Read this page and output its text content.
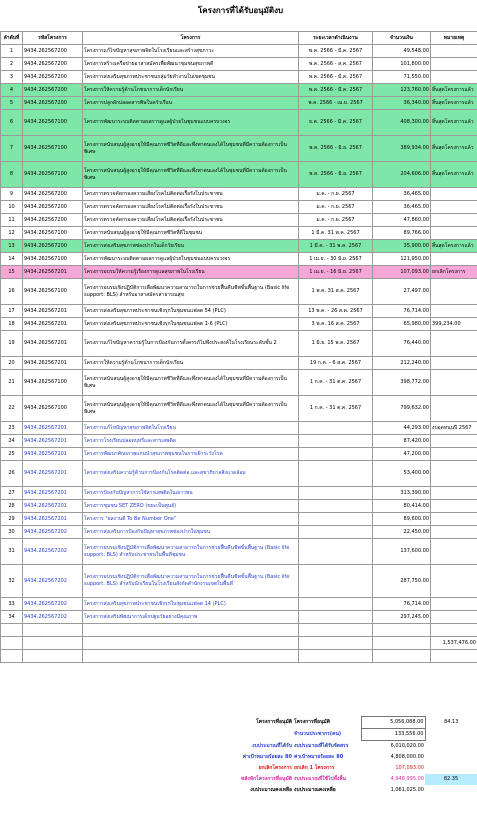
โครงการที่ได้รับอนุมัติงบ
ลำดับที่	รหัสโครงการ	โครงการ	ระยะเวลาดำเนินงาน	จำนวนเงิน	หมายเหตุ
1	9434.262567200	โครงการแก้ไขปัญหาสุขภาพจิตในโรงเรียนและสร้างสุขภาวะ	พ.ค. 2566 - มี.ค. 2567	49,548.00	
2	9434.262567200	โครงการสร้างเครือข่ายอาสาสมัครเพื่อพัฒนาชุมชนสุขภาพดี	พ.ค. 2566 - ส.ค. 2567	101,800.00	
3	9434.262567200	โครงการส่งเสริมสุขภาพประชาชนกลุ่มวัยทำงานในเขตชุมชน	พ.ค. 2566 - มี.ค. 2567	71,550.00	
4	9434.262567200	โครงการให้ความรู้ด้านโภชนาการเด็กนักเรียน	พ.ค. 2566 - มี.ค. 2567	123,760.00	สิ้นสุดโครงการแล้ว
5	9434.262567200	โครงการปลูกผักปลอดสารพิษในครัวเรือน	พ.ค. 2566 - เม.ย. 2567	36,340.00	สิ้นสุดโครงการแล้ว
6	9434.262567100	โครงการพัฒนาระบบติดตามผลการดูแลผู้ป่วยในชุมชนแบบครบวงจร	ธ.ค. 2566 - มี.ค. 2567	408,300.00	สิ้นสุดโครงการแล้ว
7	9434.262567100	โครงการสนับสนุนผู้สูงอายุให้มีคุณภาพชีวิตที่ดีและพึ่งพาตนเองได้ในชุมชนที่มีความต้องการเป็นพิเศษ	พ.ค. 2566 - มิ.ย. 2567	389,934.00	สิ้นสุดโครงการแล้ว
8	9434.262567100	โครงการสนับสนุนผู้สูงอายุให้มีคุณภาพชีวิตที่ดีและพึ่งพาตนเองได้ในชุมชนที่มีความต้องการเป็นพิเศษ	พ.ค. 2566 - มิ.ย. 2567	204,606.00	สิ้นสุดโครงการแล้ว
9	9434.262567200	โครงการตรวจคัดกรองความเสี่ยงโรคไม่ติดต่อเรื้อรังในประชาชน	ม.ค. - ก.ย. 2567	36,465.00	
10	9434.262567200	โครงการตรวจคัดกรองความเสี่ยงโรคไม่ติดต่อเรื้อรังในประชาชน	ม.ค. - ก.ย. 2567	36,465.00	
11	9434.262567200	โครงการตรวจคัดกรองความเสี่ยงโรคไม่ติดต่อเรื้อรังในประชาชน	ม.ค. - ก.ย. 2567	47,860.00	
12	9434.262567100	โครงการสนับสนุนผู้สูงอายุให้มีคุณภาพชีวิตที่ดีในชุมชน	1 มี.ค. 31 พ.ค. 2567	89,766.00	
13	9434.262567200	โครงการส่งเสริมสุขภาพช่องปากในเด็กวัยเรียน	1 มี.ค. - 31 พ.ค. 2567	35,900.00	สิ้นสุดโครงการแล้ว
14	9434.262567100	โครงการพัฒนาระบบติดตามผลการดูแลผู้ป่วยในชุมชนแบบครบวงจร	1 เม.ย. - 30 มิ.ย. 2567	121,950.00	
15	9434.262567201	โครงการอบรมให้ความรู้เรื่องการดูแลสุขภาพในโรงเรียน	1 เม.ย. - 16 มิ.ย. 2567	107,093.00	ยกเลิกโครงการ
16	9434.262567100	โครงการอบรมเชิงปฏิบัติการเพื่อพัฒนาความสามารถในการช่วยฟื้นคืนชีพขั้นพื้นฐาน (Basic life support: BLS) สำหรับอาสาสมัครสาธารณสุข	1 พ.ค. 31 ส.ค. 2567	27,497.00	
17	9434.262567201	โครงการส่งเสริมสุขภาพประชาชนเชิงรุกในชุมชนแฟลต 54 (PLC)	13 พ.ค. - 26 ส.ค. 2567	76,714.00	
18	9434.262567201	โครงการส่งเสริมสุขภาพประชาชนเชิงรุกในชุมชนแฟลต 1-6 (PLC)	3 พ.ค. 16 ส.ค. 2567	65,980.00	399,234.00
19	9434.262567201	โครงการแก้ไขปัญหาความรู้ในการป้องกันการตั้งครรภ์ไม่พึงประสงค์ในโรงเรียนระดับชั้น 2	1 มิ.ย. 15 พ.ค. 2567	76,440.00	
20	9434.262567201	โครงการให้ความรู้ด้านโภชนาการเด็กนักเรียน	19 ก.ค. - 6 ส.ค. 2567	212,240.00	
21	9434.262567100	โครงการสนับสนุนผู้สูงอายุให้มีคุณภาพชีวิตที่ดีและพึ่งพาตนเองได้ในชุมชนที่มีความต้องการเป็นพิเศษ	1 ก.ค. - 31 ต.ค. 2567	398,772.00	
22	9434.262567100	โครงการสนับสนุนผู้สูงอายุให้มีคุณภาพชีวิตที่ดีและพึ่งพาตนเองได้ในชุมชนที่มีความต้องการเป็นพิเศษ	1 ก.ค. - 31 ต.ค. 2567	799,632.00	
23	9434.262567201	โครงการแก้ไขปัญหาสุขภาพจิตในโรงเรียน		44,293.00	งบอุดหนุนปี 2567
24	9434.262567201	โครงการโรงเรียนปลอดบุหรี่และสารเสพติด		87,420.00	
25	9434.262567201	โครงการพัฒนาศักยภาพแกนนำสุขภาพชุมชนในการเฝ้าระวังโรค		47,200.00	
26	9434.262567201	โครงการส่งเสริมความรู้ด้านการป้องกันโรคติดต่อ และสุขาภิบาลสิ่งแวดล้อม		53,400.00	
27	9434.262567201	โครงการป้องกันปัญหาการใช้สารเสพติดในเยาวชน		313,390.00	
28	9434.262567201	โครงการชุมชน SET ZERO (ขยะเป็นศูนย์)		80,414.00	
29	9434.262567201	โครงการ "ผลงานดี To Be Number One"		89,600.00	
30	9434.262567202	โครงการส่งเสริมการป้องกันปัญหาสุขภาพช่องปากในชุมชน		22,450.00	
31	9434.262567202	โครงการอบรมเชิงปฏิบัติการเพื่อพัฒนาความสามารถในการช่วยฟื้นคืนชีพขั้นพื้นฐาน (Basic life support: BLS) สำหรับประชาชนในพื้นที่ชุมชน		137,600.00	
32	9434.262567202	โครงการอบรมเชิงปฏิบัติการเพื่อพัฒนาความสามารถในการช่วยฟื้นคืนชีพขั้นพื้นฐาน (Basic life support: BLS) สำหรับนักเรียนในโรงเรียนสังกัดสำนักงานเขตในพื้นที่		287,750.00	
33	9434.262567202	โครงการส่งเสริมสุขภาพประชาชนเชิงรุกในชุมชนแฟลต 14 (PLC)		76,714.00	
34	9434.262567202	โครงการส่งเสริมพัฒนาการเด็กปฐมวัยอย่างมีคุณภาพ		297,245.00	

					1,537,476.00

โครงการที่อนุมัติ	โครงการที่อนุมัติ	5,056,088.00	84.13
	จำนวนประชากร(คน)	133,556.00	
งบประมาณที่ได้รับ	งบประมาณที่ได้รับจัดสรร	6,010,020.00	
ค่าเป้าหมายร้อยละ 80	ค่าเป้าหมายร้อยละ 80	4,808,000.00	
ยกเลิกโครงการ	ยกเลิก 1 โครงการ	107,093.00	
หลังหักโครงการที่อนุมัติ	งบประมาณที่ใช้ไปทั้งสิ้น	4,948,995.00	82.35
งบประมาณคงเหลือ	งบประมาณคงเหลือ	1,061,025.00	
